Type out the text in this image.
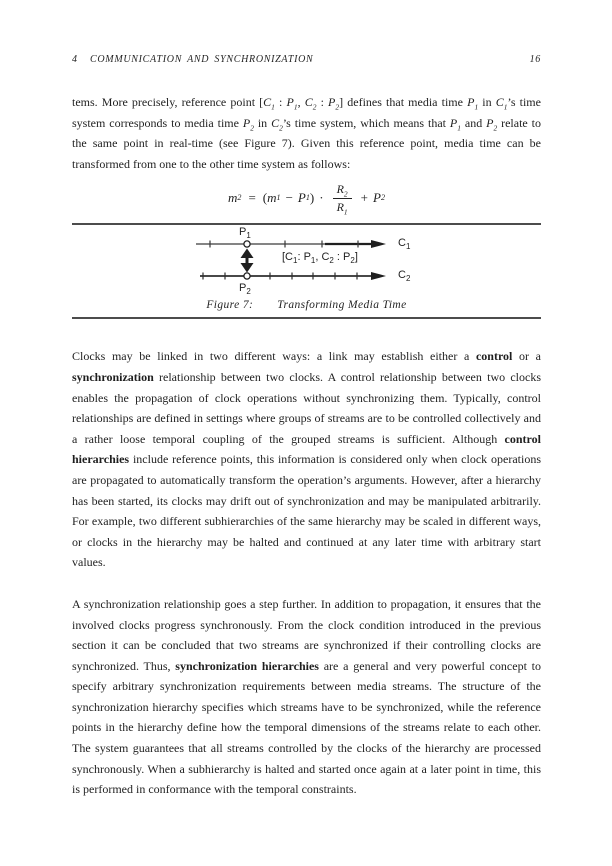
4 COMMUNICATION AND SYNCHRONIZATION	16

tems. More precisely, reference point [$C_1$ : $P_1$, $C_2$ : $P_2$] defines that media time $P_1$ in $C_1’s$ time system corresponds to media time $P_2$ in $C_2’s$ time system, which means that $P_1$ and $P_2$ relate to the same point in real-time (see Figure 7). Given this reference point, media time can be transformed from one to the other time system as follows:

m 2 = ( m 1 − P 1 ) · $\frac{R_2}{R_1} + P$ 2
$P_1$
$P_2$
$C_1$
$C_2$
[$C_1$: $P_1$, $C_2$ : $P_2$]
Figure 7: Transforming Media Time

Clocks may be linked in two different ways: a link may establish either a control or a synchronization relationship between two clocks. A control relationship between two clocks enables the propagation of clock operations without synchronizing them. Typically, control relationships are defined in settings where groups of streams are to be controlled collectively and a rather loose temporal coupling of the grouped streams is sufficient. Although control hierarchies include reference points, this information is considered only when clock operations are propagated to automatically transform the operation’s arguments. However, after a hierarchy has been started, its clocks may drift out of synchronization and may be manipulated arbitrarily. For example, two different subhierarchies of the same hierarchy may be scaled in different ways, or clocks in the hierarchy may be halted and continued at any later time with arbitrary start values.

A synchronization relationship goes a step further. In addition to propagation, it ensures that the involved clocks progress synchronously. From the clock condition introduced in the previous section it can be concluded that two streams are synchronized if their controlling clocks are synchronized. Thus, synchronization hierarchies are a general and very powerful concept to specify arbitrary synchronization requirements between media streams. The structure of the synchronization hierarchy specifies which streams have to be synchronized, while the reference points in the hierarchy define how the temporal dimensions of the streams relate to each other. The system guarantees that all streams controlled by the clocks of the hierarchy are processed synchronously. When a subhierarchy is halted and started once again at a later point in time, this is performed in conformance with the temporal constraints.
